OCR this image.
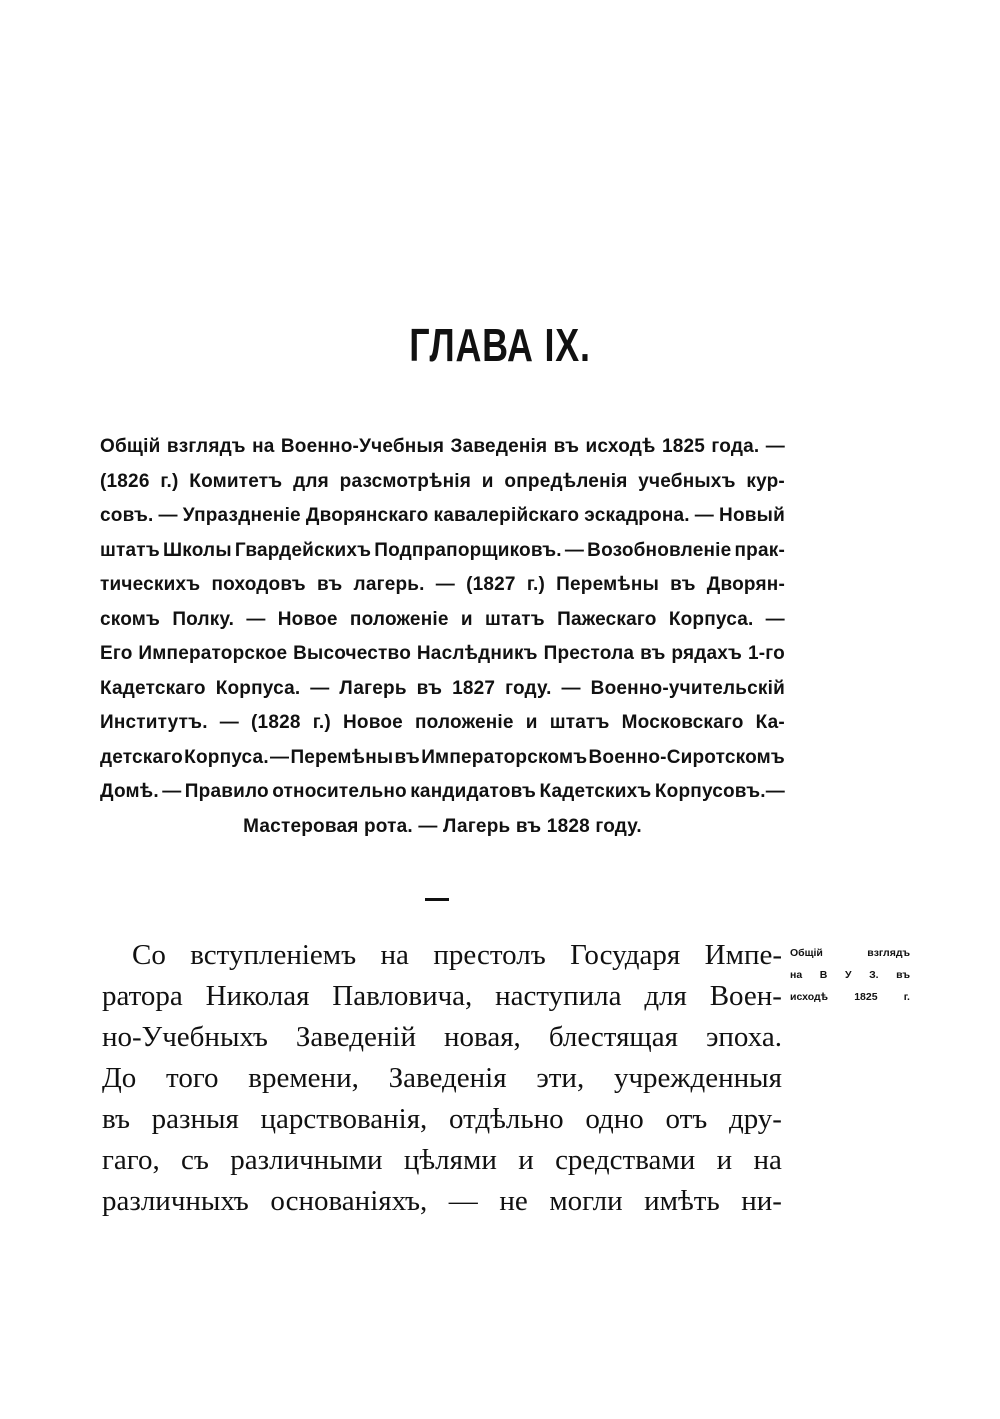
ГЛАВА IX.
Общій взглядъ на Военно-Учебныя Заведенія въ исходѣ 1825 года. —
(1826 г.) Комитетъ для разсмотрѣнія и опредѣленія учебныхъ кур-
совъ. — Упраздненіе Дворянскаго кавалерійскаго эскадрона. — Новый
штатъ Школы Гвардейскихъ Подпрапорщиковъ. — Возобновленіе прак-
тическихъ походовъ въ лагерь. — (1827 г.) Перемѣны въ Дворян-
скомъ Полку. — Новое положеніе и штатъ Пажескаго Корпуса. —
Его Императорское Высочество Наслѣдникъ Престола въ рядахъ 1-го
Кадетскаго Корпуса. — Лагерь въ 1827 году. — Военно-учительскій
Институтъ. — (1828 г.) Новое положеніе и штатъ Московскаго Ка-
детскаго Корпуса. — Перемѣны въ Императорскомъ Военно-Сиротскомъ
Домѣ. — Правило относительно кандидатовъ Кадетскихъ Корпусовъ.—
Мастеровая рота. — Лагерь въ 1828 году.
Со вступленіемъ на престолъ Государя Импе-
ратора Николая Павловича, наступила для Воен-
но-Учебныхъ Заведеній новая, блестящая эпоха.
До того времени, Заведенія эти, учрежденныя
въ разныя царствованія, отдѣльно одно отъ дру-
гаго, съ различными цѣлями и средствами и на
различныхъ основаніяхъ, — не могли имѣть ни-
Общій	взглядъ
на В У З. въ
исходѣ 1825 г.
